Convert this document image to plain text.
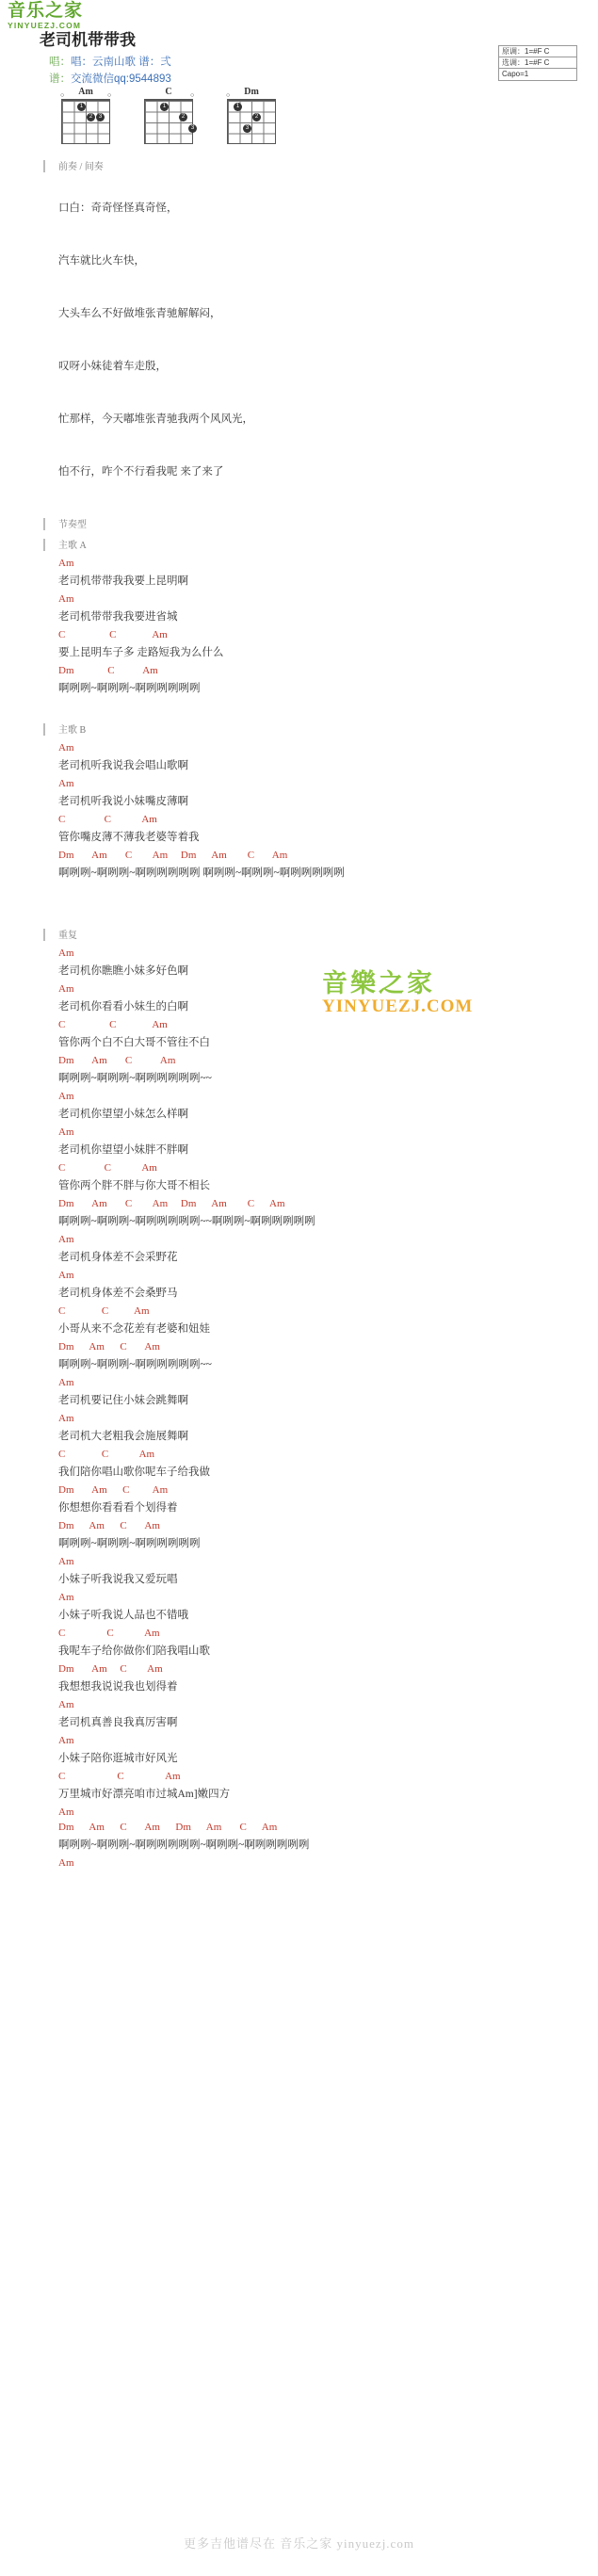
音乐之家
YINYUEZJ.COM
老司机带带我
唱：唱：云南山歌 谱：弍
谱：交流微信qq:9544893
原调：1=#F C
选调：1=#F C
Capo=1
Am
○	○
1
2	3
C	○
1
2
3
Dm
○
1
2
3
前奏 / 间奏
口白：奇奇怪怪真奇怪，
汽车就比火车快，
大头车么不好做堆张青驰解解闷，
叹呀小妹徒着车走殷，
忙那样，今天嘟堆张青驰我两个风风光，
怕不行，咋个不行看我呢 来了来了
节奏型
主歌 A
Am
老司机带带我我要上昆明啊
Am
老司机带带我我要进省城
C                 C              Am
要上昆明车子多 走路短我为么什么
Dm             C           Am
啊咧咧~啊咧咧~啊咧咧咧咧咧
主歌 B
Am
老司机听我说我会唱山歌啊
Am
老司机听我说小妹嘴皮薄啊
C               C            Am
管你嘴皮薄不薄我老婆等着我
Dm       Am       C        Am     Dm      Am        C       Am
啊咧咧~啊咧咧~啊咧咧咧咧咧 啊咧咧~啊咧咧~啊咧咧咧咧咧
重复
Am
老司机你瞧瞧小妹多好色啊
Am
老司机你看看小妹生的白啊
C                 C              Am
管你两个白不白大哥不管往不白
Dm       Am       C           Am
啊咧咧~啊咧咧~啊咧咧咧咧咧~~
Am
老司机你望望小妹怎么样啊
Am
老司机你望望小妹胖不胖啊
C               C            Am
管你两个胖不胖与你大哥不相长
Dm       Am       C        Am     Dm      Am        C      Am
啊咧咧~啊咧咧~啊咧咧咧咧咧~~啊咧咧~啊咧咧咧咧咧
Am
老司机身体差不会采野花
Am
老司机身体差不会桑野马
C              C          Am
小哥从来不念花差有老婆和妞娃
Dm      Am      C       Am
啊咧咧~啊咧咧~啊咧咧咧咧咧~~
Am
老司机要记住小妹会跳舞啊
Am
老司机大老粗我会施展舞啊
C              C            Am
我们陪你唱山歌你呢车子给我做
Dm       Am      C         Am
你想想你看看看个划得着
Dm      Am      C       Am
啊咧咧~啊咧咧~啊咧咧咧咧咧
Am
小妹子听我说我又爱玩唱
Am
小妹子听我说人品也不错哦
C                C            Am
我呢车子给你做你们陪我唱山歌
Dm       Am     C        Am
我想想我说说我也划得着
Am
老司机真善良我真厉害啊
Am
小妹子陪你逛城市好风光
C                    C                Am
万里城市好漂亮咱市过城Am]嫩四方
Am
Dm      Am      C       Am      Dm      Am       C      Am
啊咧咧~啊咧咧~啊咧咧咧咧咧~啊咧咧~啊咧咧咧咧咧
Am
音樂之家
YINYUEZJ.COM
更多吉他谱尽在 音乐之家 yinyuezj.com
